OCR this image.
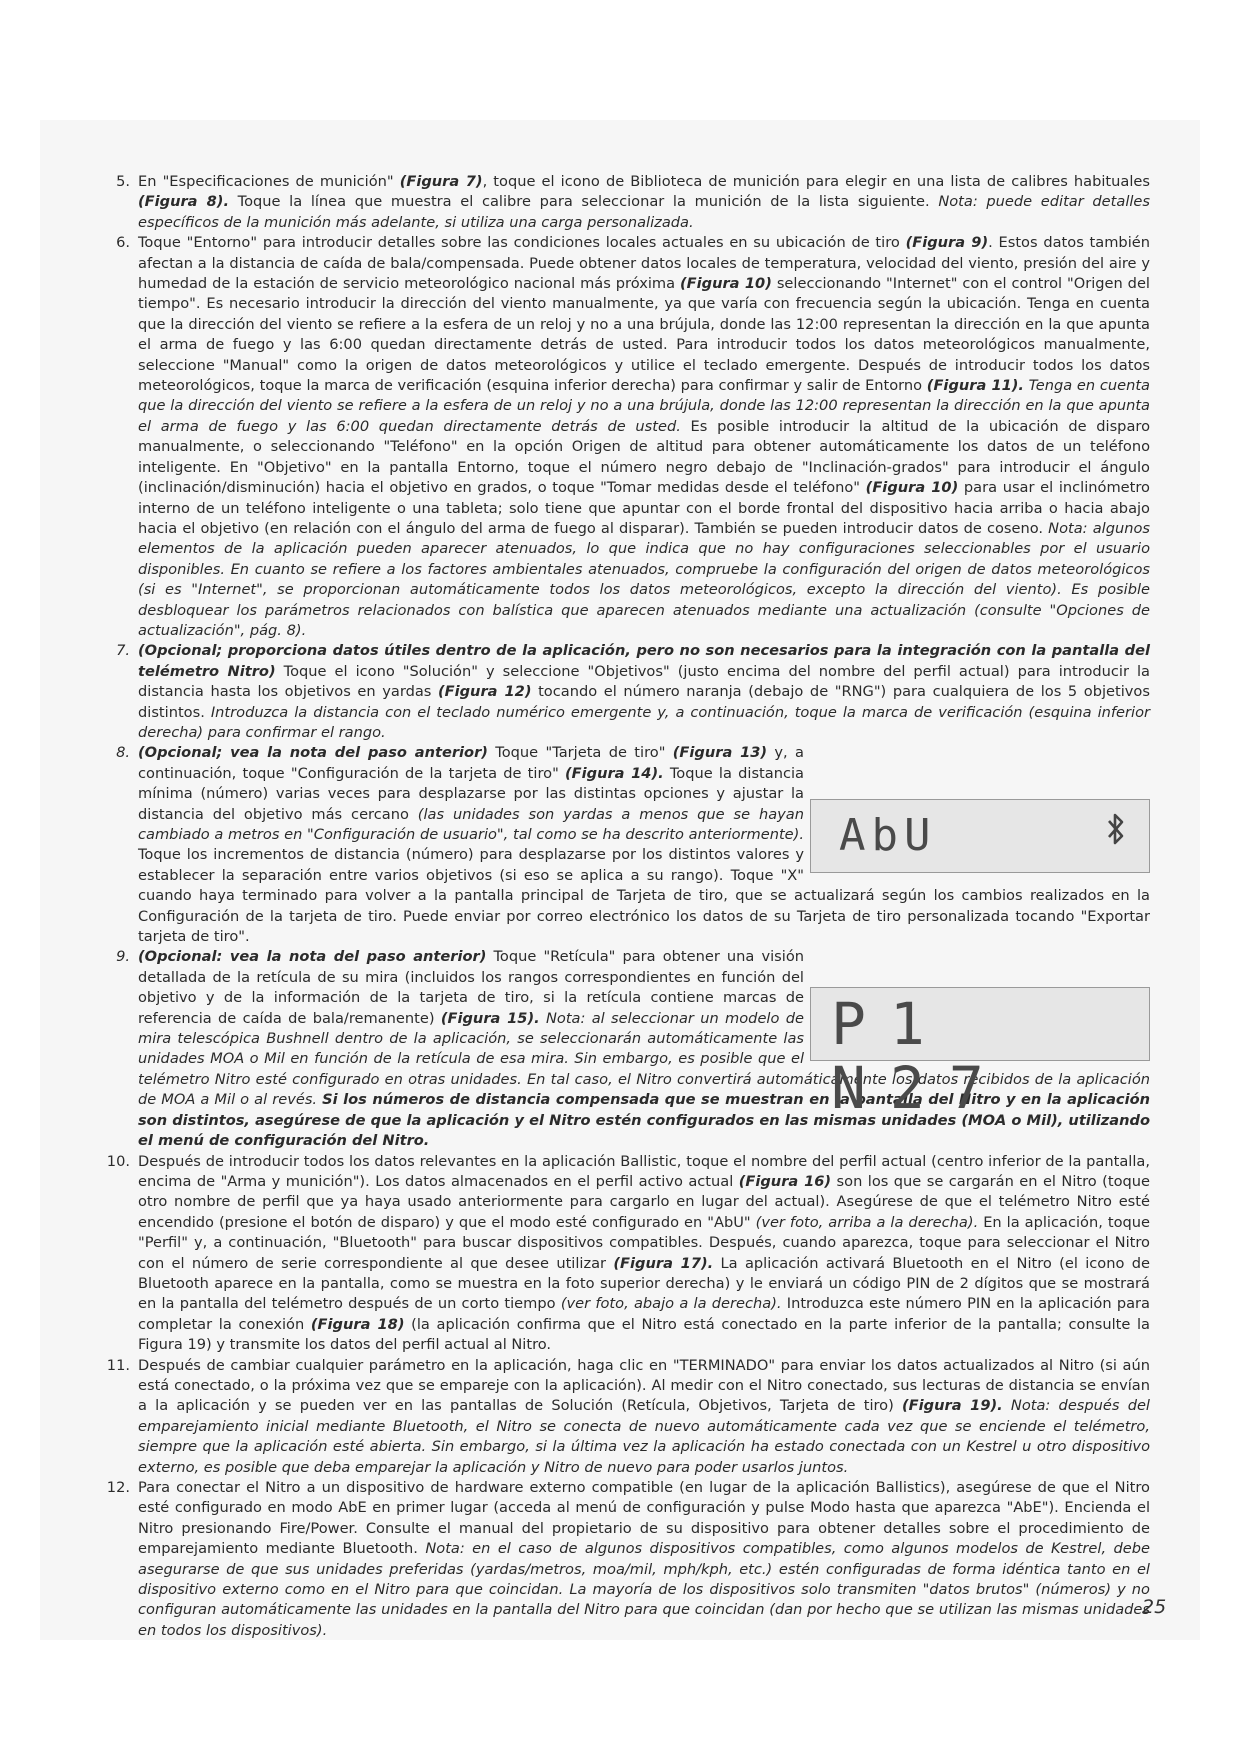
5. En "Especificaciones de munición" (Figura 7), toque el icono de Biblioteca de munición para elegir en una lista de calibres habituales (Figura 8). Toque la línea que muestra el calibre para seleccionar la munición de la lista siguiente. Nota: puede editar detalles específicos de la munición más adelante, si utiliza una carga personalizada.
6. Toque "Entorno" para introducir detalles sobre las condiciones locales actuales en su ubicación de tiro (Figura 9). Estos datos también afectan a la distancia de caída de bala/compensada. Puede obtener datos locales de temperatura, velocidad del viento, presión del aire y humedad de la estación de servicio meteorológico nacional más próxima (Figura 10) seleccionando "Internet" con el control "Origen del tiempo". Es necesario introducir la dirección del viento manualmente, ya que varía con frecuencia según la ubicación. Tenga en cuenta que la dirección del viento se refiere a la esfera de un reloj y no a una brújula, donde las 12:00 representan la dirección en la que apunta el arma de fuego y las 6:00 quedan directamente detrás de usted. Para introducir todos los datos meteorológicos manualmente, seleccione "Manual" como la origen de datos meteorológicos y utilice el teclado emergente. Después de introducir todos los datos meteorológicos, toque la marca de verificación (esquina inferior derecha) para confirmar y salir de Entorno (Figura 11). Tenga en cuenta que la dirección del viento se refiere a la esfera de un reloj y no a una brújula, donde las 12:00 representan la dirección en la que apunta el arma de fuego y las 6:00 quedan directamente detrás de usted. Es posible introducir la altitud de la ubicación de disparo manualmente, o seleccionando "Teléfono" en la opción Origen de altitud para obtener automáticamente los datos de un teléfono inteligente. En "Objetivo" en la pantalla Entorno, toque el número negro debajo de "Inclinación-grados" para introducir el ángulo (inclinación/disminución) hacia el objetivo en grados, o toque "Tomar medidas desde el teléfono" (Figura 10) para usar el inclinómetro interno de un teléfono inteligente o una tableta; solo tiene que apuntar con el borde frontal del dispositivo hacia arriba o hacia abajo hacia el objetivo (en relación con el ángulo del arma de fuego al disparar). También se pueden introducir datos de coseno. Nota: algunos elementos de la aplicación pueden aparecer atenuados, lo que indica que no hay configuraciones seleccionables por el usuario disponibles. En cuanto se refiere a los factores ambientales atenuados, compruebe la configuración del origen de datos meteorológicos (si es "Internet", se proporcionan automáticamente todos los datos meteorológicos, excepto la dirección del viento). Es posible desbloquear los parámetros relacionados con balística que aparecen atenuados mediante una actualización (consulte "Opciones de actualización", pág. 8).
7. (Opcional; proporciona datos útiles dentro de la aplicación, pero no son necesarios para la integración con la pantalla del telémetro Nitro) Toque el icono "Solución" y seleccione "Objetivos" (justo encima del nombre del perfil actual) para introducir la distancia hasta los objetivos en yardas (Figura 12) tocando el número naranja (debajo de "RNG") para cualquiera de los 5 objetivos distintos. Introduzca la distancia con el teclado numérico emergente y, a continuación, toque la marca de verificación (esquina inferior derecha) para confirmar el rango.
8.
AbU
(Opcional; vea la nota del paso anterior) Toque "Tarjeta de tiro" (Figura 13) y, a continuación, toque "Configuración de la tarjeta de tiro" (Figura 14). Toque la distancia mínima (número) varias veces para desplazarse por las distintas opciones y ajustar la distancia del objetivo más cercano (las unidades son yardas a menos que se hayan cambiado a metros en "Configuración de usuario", tal como se ha descrito anteriormente). Toque los incrementos de distancia (número) para desplazarse por los distintos valores y establecer la separación entre varios objetivos (si eso se aplica a su rango). Toque "X" cuando haya terminado para volver a la pantalla principal de Tarjeta de tiro, que se actualizará según los cambios realizados en la Configuración de la tarjeta de tiro. Puede enviar por correo electrónico los datos de su Tarjeta de tiro personalizada tocando "Exportar tarjeta de tiro".
9.
P1 N27
(Opcional: vea la nota del paso anterior) Toque "Retícula" para obtener una visión detallada de la retícula de su mira (incluidos los rangos correspondientes en función del objetivo y de la información de la tarjeta de tiro, si la retícula contiene marcas de referencia de caída de bala/remanente) (Figura 15). Nota: al seleccionar un modelo de mira telescópica Bushnell dentro de la aplicación, se seleccionarán automáticamente las unidades MOA o Mil en función de la retícula de esa mira. Sin embargo, es posible que el telémetro Nitro esté configurado en otras unidades. En tal caso, el Nitro convertirá automáticamente los datos recibidos de la aplicación de MOA a Mil o al revés. Si los números de distancia compensada que se muestran en la pantalla del Nitro y en la aplicación son distintos, asegúrese de que la aplicación y el Nitro estén configurados en las mismas unidades (MOA o Mil), utilizando el menú de configuración del Nitro.
10. Después de introducir todos los datos relevantes en la aplicación Ballistic, toque el nombre del perfil actual (centro inferior de la pantalla, encima de "Arma y munición"). Los datos almacenados en el perfil activo actual (Figura 16) son los que se cargarán en el Nitro (toque otro nombre de perfil que ya haya usado anteriormente para cargarlo en lugar del actual). Asegúrese de que el telémetro Nitro esté encendido (presione el botón de disparo) y que el modo esté configurado en "AbU" (ver foto, arriba a la derecha). En la aplicación, toque "Perfil" y, a continuación, "Bluetooth" para buscar dispositivos compatibles. Después, cuando aparezca, toque para seleccionar el Nitro con el número de serie correspondiente al que desee utilizar (Figura 17). La aplicación activará Bluetooth en el Nitro (el icono de Bluetooth aparece en la pantalla, como se muestra en la foto superior derecha) y le enviará un código PIN de 2 dígitos que se mostrará en la pantalla del telémetro después de un corto tiempo (ver foto, abajo a la derecha). Introduzca este número PIN en la aplicación para completar la conexión (Figura 18) (la aplicación confirma que el Nitro está conectado en la parte inferior de la pantalla; consulte la Figura 19) y transmite los datos del perfil actual al Nitro.
11. Después de cambiar cualquier parámetro en la aplicación, haga clic en "TERMINADO" para enviar los datos actualizados al Nitro (si aún está conectado, o la próxima vez que se empareje con la aplicación). Al medir con el Nitro conectado, sus lecturas de distancia se envían a la aplicación y se pueden ver en las pantallas de Solución (Retícula, Objetivos, Tarjeta de tiro) (Figura 19). Nota: después del emparejamiento inicial mediante Bluetooth, el Nitro se conecta de nuevo automáticamente cada vez que se enciende el telémetro, siempre que la aplicación esté abierta. Sin embargo, si la última vez la aplicación ha estado conectada con un Kestrel u otro dispositivo externo, es posible que deba emparejar la aplicación y Nitro de nuevo para poder usarlos juntos.
12. Para conectar el Nitro a un dispositivo de hardware externo compatible (en lugar de la aplicación Ballistics), asegúrese de que el Nitro esté configurado en modo AbE en primer lugar (acceda al menú de configuración y pulse Modo hasta que aparezca "AbE"). Encienda el Nitro presionando Fire/Power. Consulte el manual del propietario de su dispositivo para obtener detalles sobre el procedimiento de emparejamiento mediante Bluetooth. Nota: en el caso de algunos dispositivos compatibles, como algunos modelos de Kestrel, debe asegurarse de que sus unidades preferidas (yardas/metros, moa/mil, mph/kph, etc.) estén configuradas de forma idéntica tanto en el dispositivo externo como en el Nitro para que coincidan. La mayoría de los dispositivos solo transmiten "datos brutos" (números) y no configuran automáticamente las unidades en la pantalla del Nitro para que coincidan (dan por hecho que se utilizan las mismas unidades en todos los dispositivos).
25
